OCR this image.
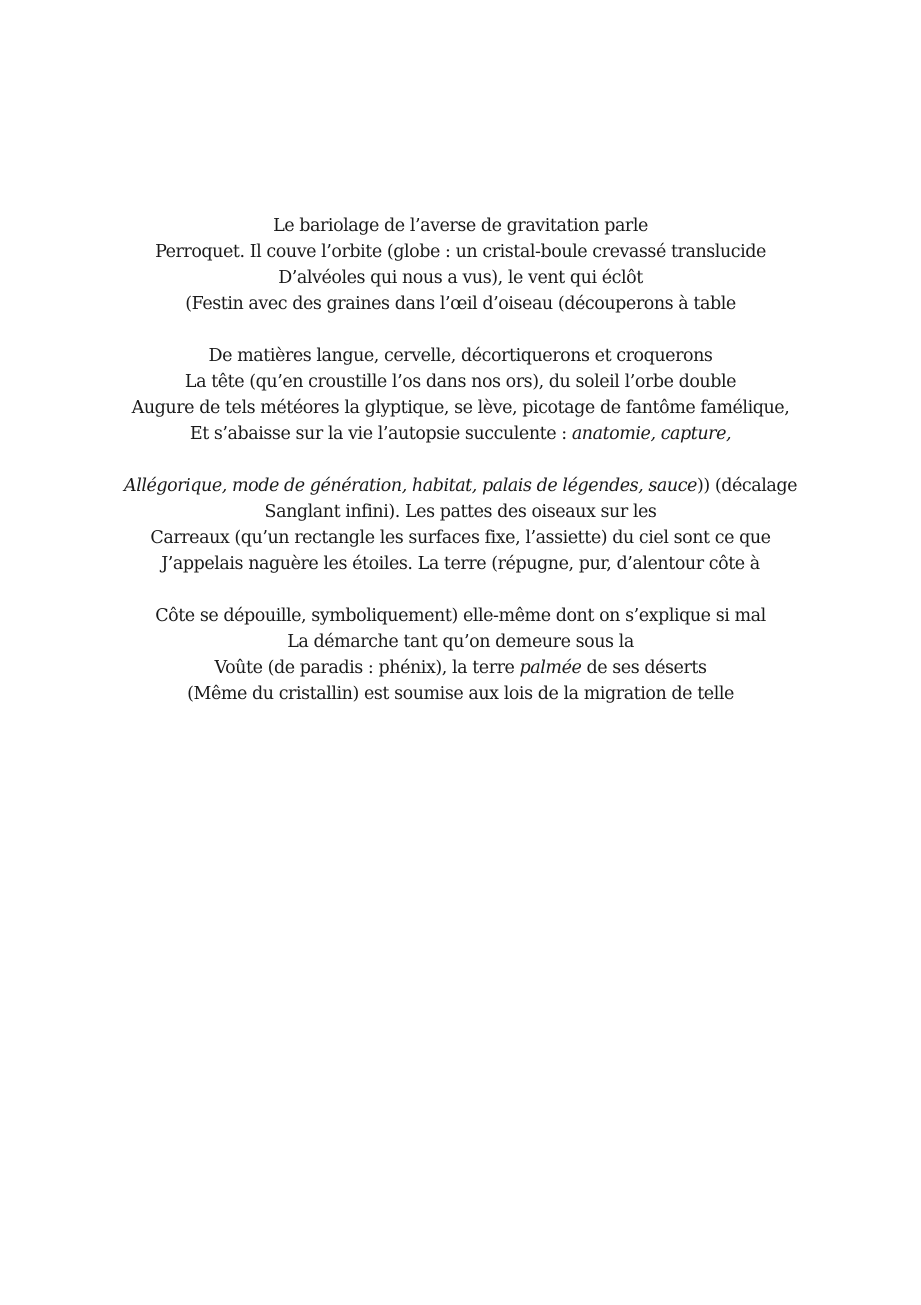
Le bariolage de l’averse de gravitation parle
Perroquet. Il couve l’orbite (globe : un cristal-boule crevassé translucide
D’alvéoles qui nous a vus), le vent qui éclôt
(Festin avec des graines dans l’œil d’oiseau (découperons à table
De matières langue, cervelle, décortiquerons et croquerons
La tête (qu’en croustille l’os dans nos ors), du soleil l’orbe double
Augure de tels météores la glyptique, se lève, picotage de fantôme famélique,
Et s’abaisse sur la vie l’autopsie succulente : anatomie, capture,
Allégorique, mode de génération, habitat, palais de légendes, sauce)) (décalage
Sanglant infini). Les pattes des oiseaux sur les
Carreaux (qu’un rectangle les surfaces fixe, l’assiette) du ciel sont ce que
J’appelais naguère les étoiles. La terre (répugne, pur, d’alentour côte à
Côte se dépouille, symboliquement) elle-même dont on s’explique si mal
La démarche tant qu’on demeure sous la
Voûte (de paradis : phénix), la terre palmée de ses déserts
(Même du cristallin) est soumise aux lois de la migration de telle
